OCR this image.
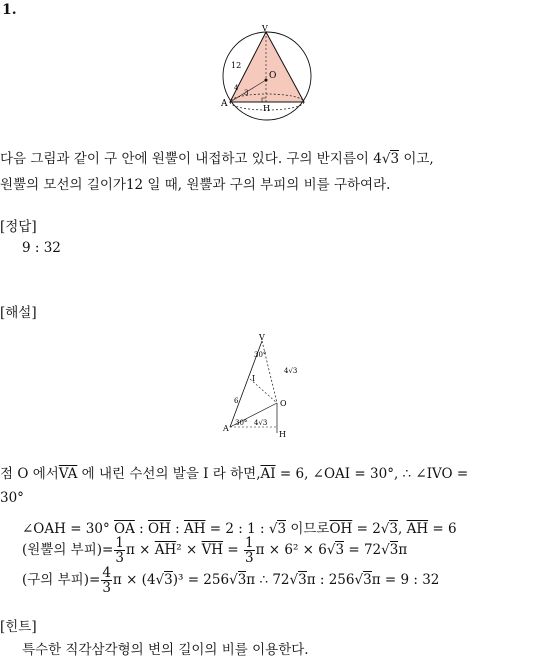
1.
V
O
A	H
12
4
3
다음 그림과 같이 구 안에 원뿔이 내접하고 있다. 구의 반지름이 4√3 이고,
원뿔의 모선의 길이가12 일 때, 원뿔과 구의 부피의 비를 구하여라.
[정답]
9 : 32
[해설]
V
30°
4√3
I
6	O
A
30° 4√3
H
점 O 에서$\overline{VA}$ 에 내린 수선의 발을 I 라 하면$,\overline{AI} = 6$, ∠OAI = 30°, ∴ ∠IVO =
30°
∠OAH = 30° $\overline{OA}$ : $\overline{OH}$ : $\overline{AH} = 2$ : 1 : √3 이므로$\overline{OH} = 2√3$, $\overline{AH} = 6$
(원뿔의 부피)= $\frac{1}{3}$ $\pi \times \overline{AH}^2 \times \overline{VH} = \frac{1}{3}$ π × 6² × 6√3 = 72√3π
(구의 부피)= $\frac{4}{3}$ π × (4√3)³ = 256√3π ∴ 72√3π : 256√3π = 9 : 32
[힌트]
특수한 직각삼각형의 변의 길이의 비를 이용한다.
